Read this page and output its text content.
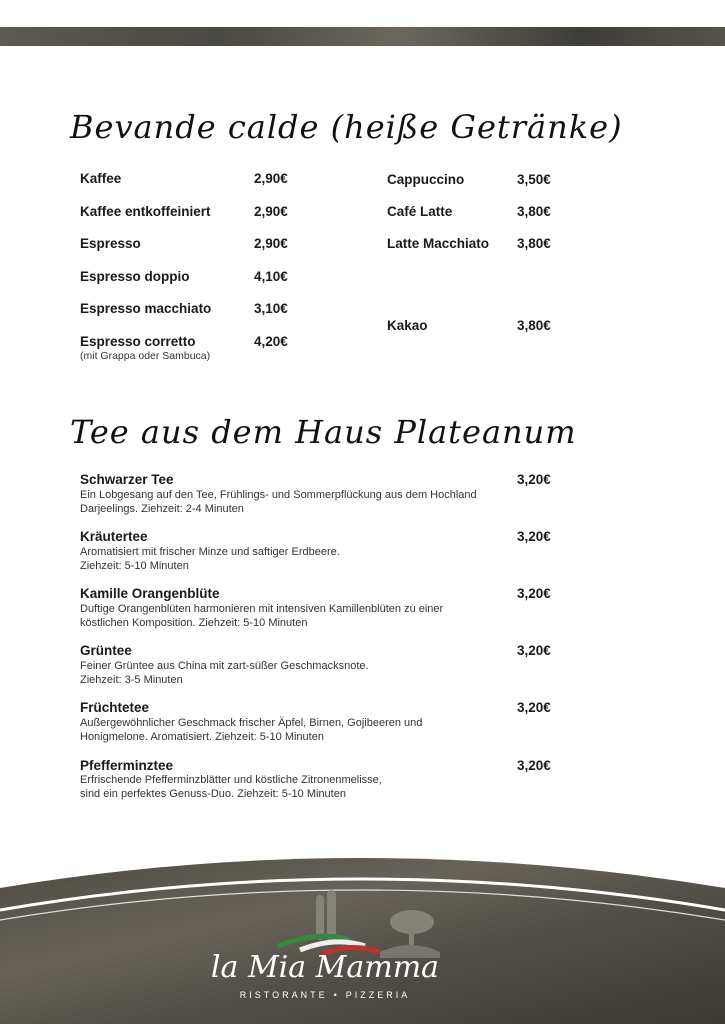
Bevande calde (heiße Getränke)
Kaffee	2,90€
Kaffee entkoffeiniert	2,90€
Espresso	2,90€
Espresso doppio	4,10€
Espresso macchiato	3,10€
Espresso corretto	4,20€
(mit Grappa oder Sambuca)
Cappuccino	3,50€
Café Latte	3,80€
Latte Macchiato 3,80€
Kakao	3,80€
Tee aus dem Haus Plateanum
Schwarzer Tee	3,20€
Ein Lobgesang auf den Tee, Frühlings- und Sommerpflückung aus dem Hochland Darjeelings. Ziehzeit: 2-4 Minuten
Kräutertee	3,20€
Aromatisiert mit frischer Minze und saftiger Erdbeere. Ziehzeit: 5-10 Minuten
Kamille Orangenblüte	3,20€
Duftige Orangenblüten harmonieren mit intensiven Kamillenblüten zu einer köstlichen Komposition. Ziehzeit: 5-10 Minuten
Grüntee	3,20€
Feiner Grüntee aus China mit zart-süßer Geschmacksnote. Ziehzeit: 3-5 Minuten
Früchtetee	3,20€
Außergewöhnlicher Geschmack frischer Äpfel, Birnen, Gojibeeren und Honigmelone. Aromatisiert. Ziehzeit: 5-10 Minuten
Pfefferminztee	3,20€
Erfrischende Pfefferminzblätter und köstliche Zitronenmelisse, sind ein perfektes Genuss-Duo. Ziehzeit: 5-10 Minuten
la Mia Mamma
RISTORANTE • PIZZERIA
